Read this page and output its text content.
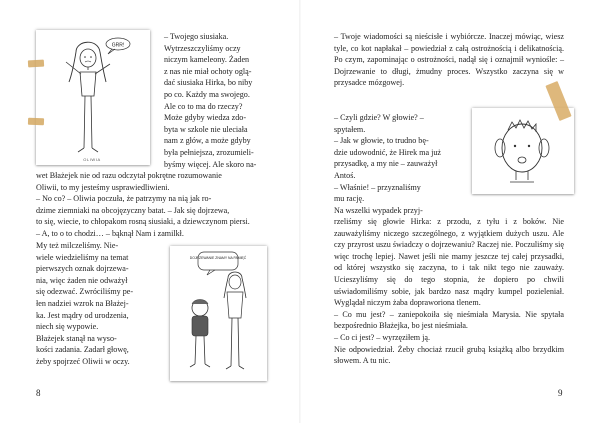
GRR!
OLIWIA

– Twojego siusiaka.
Wytrzeszczyliśmy oczy
niczym kameleony. Żaden
z nas nie miał ochoty oglą-
dać siusiaka Hirka, bo niby
po co. Każdy ma swojego.
Ale co to ma do rzeczy?
Może gdyby wiedza zdo-
byta w szkole nie uleciała
nam z głów, a może gdyby
była pełniejsza, zrozumieli-
byśmy więcej. Ale skoro na-

wet Błażejek nie od razu odczytał pokrętne rozumowanie
Oliwii, to my jesteśmy usprawiedliwieni.
– No co? – Oliwia poczuła, że patrzymy na nią jak ro-
dzime ziemniaki na obcojęzyczny batat. – Jak się dojrzewa,
to się, wiecie, to chłopakom rosną siusiaki, a dziewczynom piersi.
– A, to o to chodzi… – bąknął Nam i zamilkł.

My też milczeliśmy. Nie-
wiele wiedzieliśmy na temat
pierwszych oznak dojrzewa-
nia, więc żaden nie odważył
się odezwać. Zwróciliśmy pe-
łen nadziei wzrok na Błażej-
ka. Jest mądry od urodzenia,
niech się wypowie.
Błażejek stanął na wyso-
kości zadania. Zadarł głowę,
żeby spojrzeć Oliwii w oczy.

DOJRZEWANIE ZNAMY NA PAMIĘĆ
8

– Twoje wiadomości są nieścisłe i wybiórcze. Inaczej mówiąc, wiesz tyle, co kot napłakał – powiedział z całą ostrożnością i delikatnością. Po czym, zapominając o ostrożności, nadął się i oznajmił wyniośle: – Dojrzewanie to długi, żmudny proces. Wszystko zaczyna się w przysadce mózgowej.

– Czyli gdzie? W głowie? –
spytałem.
– Jak w głowie, to trudno bę-
dzie udowodnić, że Hirek ma już
przysadkę, a my nie – zauważył
Antoś.
– Właśnie! – przyznaliśmy
mu rację.
Na wszelki wypadek przyj-

rzeliśmy się głowie Hirka: z przodu, z tyłu i z boków. Nie zauważyliśmy niczego szczególnego, z wyjątkiem dużych uszu. Ale czy przyrost uszu świadczy o dojrzewaniu? Raczej nie. Poczuliśmy się więc trochę lepiej. Nawet jeśli nie mamy jeszcze tej całej przysadki, od której wszystko się zaczyna, to i tak nikt tego nie zauważy. Ucieszyliśmy się do tego stopnia, że dopiero po chwili uświadomiliśmy sobie, jak bardzo nasz mądry kumpel pozieleniał. Wyglądał niczym żaba dopraworiona tlenem.
– Co mu jest? – zaniepokoiła się nieśmiała Marysia. Nie spytała bezpośrednio Błażejka, bo jest nieśmiała.
– Co ci jest? – wyrzęziłem ją.
Nie odpowiedział. Żeby chociaż rzucił grubą książką albo brzydkim słowem. A tu nic.

9
